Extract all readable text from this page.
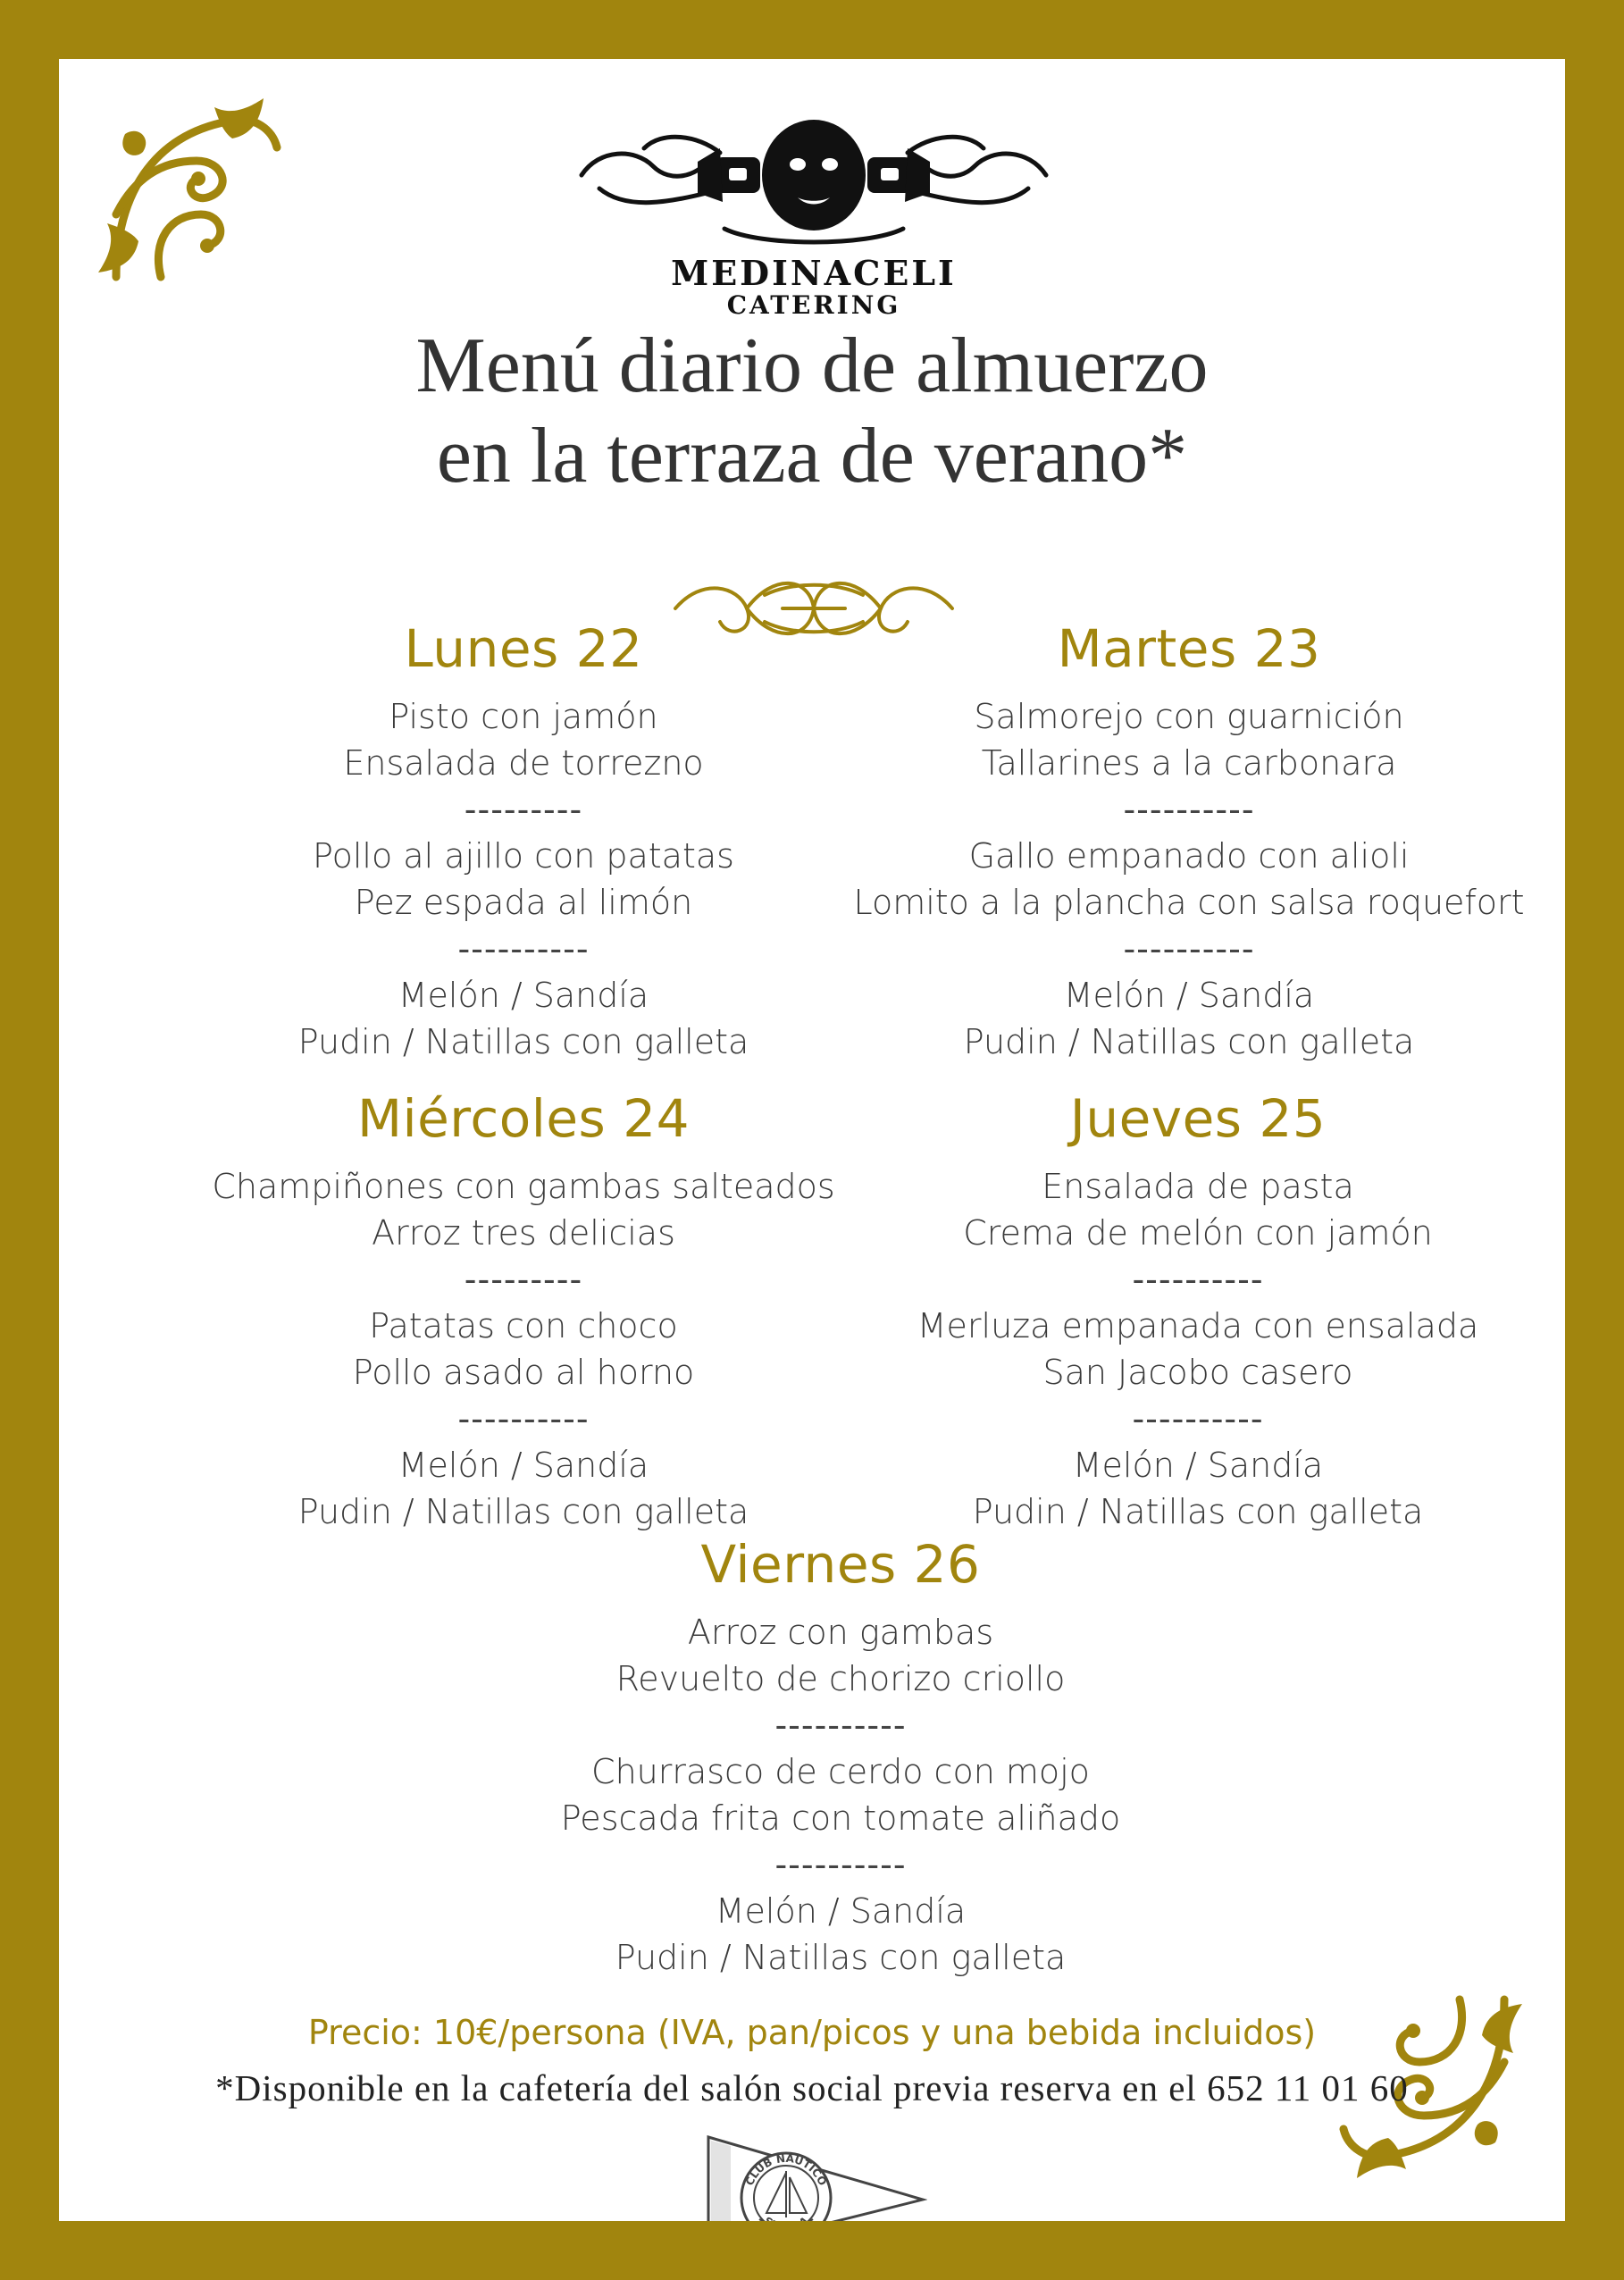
MEDINACELI
CATERING
Menú diario de almuerzo
en la terraza de verano*
Lunes 22
Pisto con jamón
Ensalada de torrezno
---------
Pollo al ajillo con patatas
Pez espada al limón
----------
Melón / Sandía
Pudin / Natillas con galleta
Martes 23
Salmorejo con guarnición
Tallarines a la carbonara
----------
Gallo empanado con alioli
Lomito a la plancha con salsa roquefort
----------
Melón / Sandía
Pudin / Natillas con galleta
Miércoles 24
Champiñones con gambas salteados
Arroz tres delicias
---------
Patatas con choco
Pollo asado al horno
----------
Melón / Sandía
Pudin / Natillas con galleta
Jueves 25
Ensalada de pasta
Crema de melón con jamón
----------
Merluza empanada con ensalada
San Jacobo casero
----------
Melón / Sandía
Pudin / Natillas con galleta
Viernes 26
Arroz con gambas
Revuelto de chorizo criollo
----------
Churrasco de cerdo con mojo
Pescada frita con tomate aliñado
----------
Melón / Sandía
Pudin / Natillas con galleta
Precio: 10€/persona (IVA, pan/picos y una bebida incluidos)
*Disponible en la cafetería del salón social previa reserva en el 652 11 01 60
CLUB NAUTICO
SEVILLA
